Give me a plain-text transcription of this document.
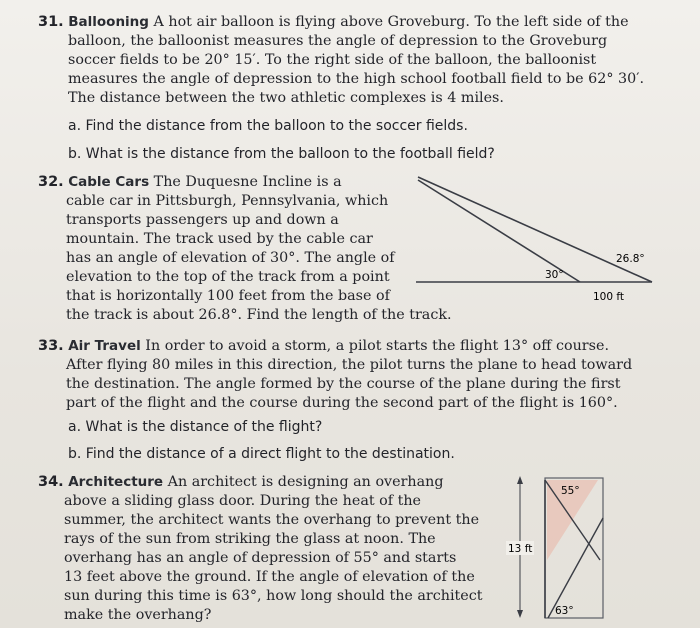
31. Ballooning A hot air balloon is flying above Groveburg. To the left side of the
balloon, the balloonist measures the angle of depression to the Groveburg
soccer fields to be 20° 15′. To the right side of the balloon, the balloonist
measures the angle of depression to the high school football field to be 62° 30′.
The distance between the two athletic complexes is 4 miles.
a. Find the distance from the balloon to the soccer fields.
b. What is the distance from the balloon to the football field?
32. Cable Cars The Duquesne Incline is a
cable car in Pittsburgh, Pennsylvania, which
transports passengers up and down a
mountain. The track used by the cable car
has an angle of elevation of 30°. The angle of
elevation to the top of the track from a point
that is horizontally 100 feet from the base of
the track is about 26.8°. Find the length of the track.
33. Air Travel In order to avoid a storm, a pilot starts the flight 13° off course.
After flying 80 miles in this direction, the pilot turns the plane to head toward
the destination. The angle formed by the course of the plane during the first
part of the flight and the course during the second part of the flight is 160°.
a. What is the distance of the flight?
b. Find the distance of a direct flight to the destination.
34. Architecture An architect is designing an overhang
above a sliding glass door. During the heat of the
summer, the architect wants the overhang to prevent the
rays of the sun from striking the glass at noon. The
overhang has an angle of depression of 55° and starts
13 feet above the ground. If the angle of elevation of the
sun during this time is 63°, how long should the architect
make the overhang?
30°
26.8°
100 ft
13 ft
55°
63°
